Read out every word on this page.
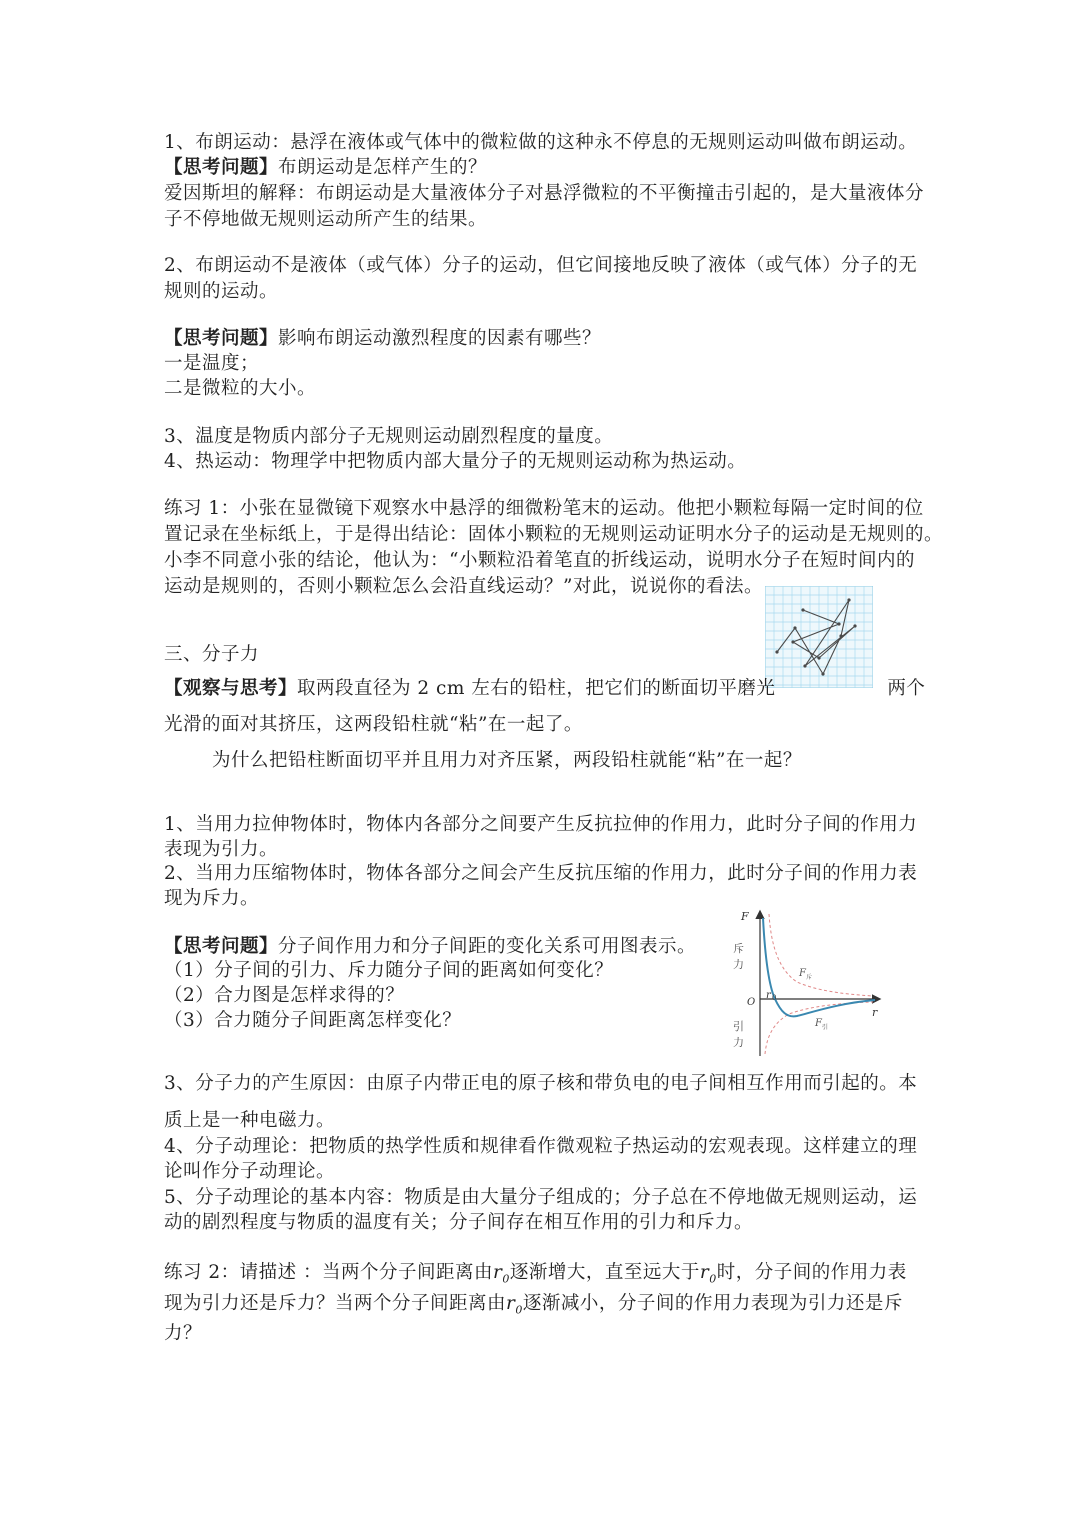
1、布朗运动：悬浮在液体或气体中的微粒做的这种永不停息的无规则运动叫做布朗运动。
【思考问题】布朗运动是怎样产生的？
爱因斯坦的解释：布朗运动是大量液体分子对悬浮微粒的不平衡撞击引起的，是大量液体分
子不停地做无规则运动所产生的结果。
2、布朗运动不是液体（或气体）分子的运动，但它间接地反映了液体（或气体）分子的无
规则的运动。
【思考问题】影响布朗运动激烈程度的因素有哪些？
一是温度；
二是微粒的大小。
3、温度是物质内部分子无规则运动剧烈程度的量度。
4、热运动：物理学中把物质内部大量分子的无规则运动称为热运动。
练习 1：小张在显微镜下观察水中悬浮的细微粉笔末的运动。他把小颗粒每隔一定时间的位
置记录在坐标纸上，于是得出结论：固体小颗粒的无规则运动证明水分子的运动是无规则的。
小李不同意小张的结论，他认为：“小颗粒沿着笔直的折线运动，说明水分子在短时间内的
运动是规则的，否则小颗粒怎么会沿直线运动？”对此，说说你的看法。
三、分子力
【观察与思考】取两段直径为 2 cm 左右的铅柱，把它们的断面切平磨光	两个
光滑的面对其挤压，这两段铅柱就“粘”在一起了。
为什么把铅柱断面切平并且用力对齐压紧，两段铅柱就能“粘”在一起？
1、当用力拉伸物体时，物体内各部分之间要产生反抗拉伸的作用力，此时分子间的作用力
表现为引力。
2、当用力压缩物体时，物体各部分之间会产生反抗压缩的作用力，此时分子间的作用力表
现为斥力。
【思考问题】分子间作用力和分子间距的变化关系可用图表示。
（1）分子间的引力、斥力随分子间的距离如何变化？
（2）合力图是怎样求得的？
（3）合力随分子间距离怎样变化？
F
O
r
r 0
斥
力
引
力
F 斥
F 引
3、分子力的产生原因：由原子内带正电的原子核和带负电的电子间相互作用而引起的。本
质上是一种电磁力。
4、分子动理论：把物质的热学性质和规律看作微观粒子热运动的宏观表现。这样建立的理
论叫作分子动理论。
5、分子动理论的基本内容：物质是由大量分子组成的；分子总在不停地做无规则运动，运
动的剧烈程度与物质的温度有关；分子间存在相互作用的引力和斥力。
练习 2：请描述 ：当两个分子间距离由$r_0$逐渐增大，直至远大于$r_0$时，分子间的作用力表
现为引力还是斥力？当两个分子间距离由$r_0$逐渐减小，分子间的作用力表现为引力还是斥
力？
